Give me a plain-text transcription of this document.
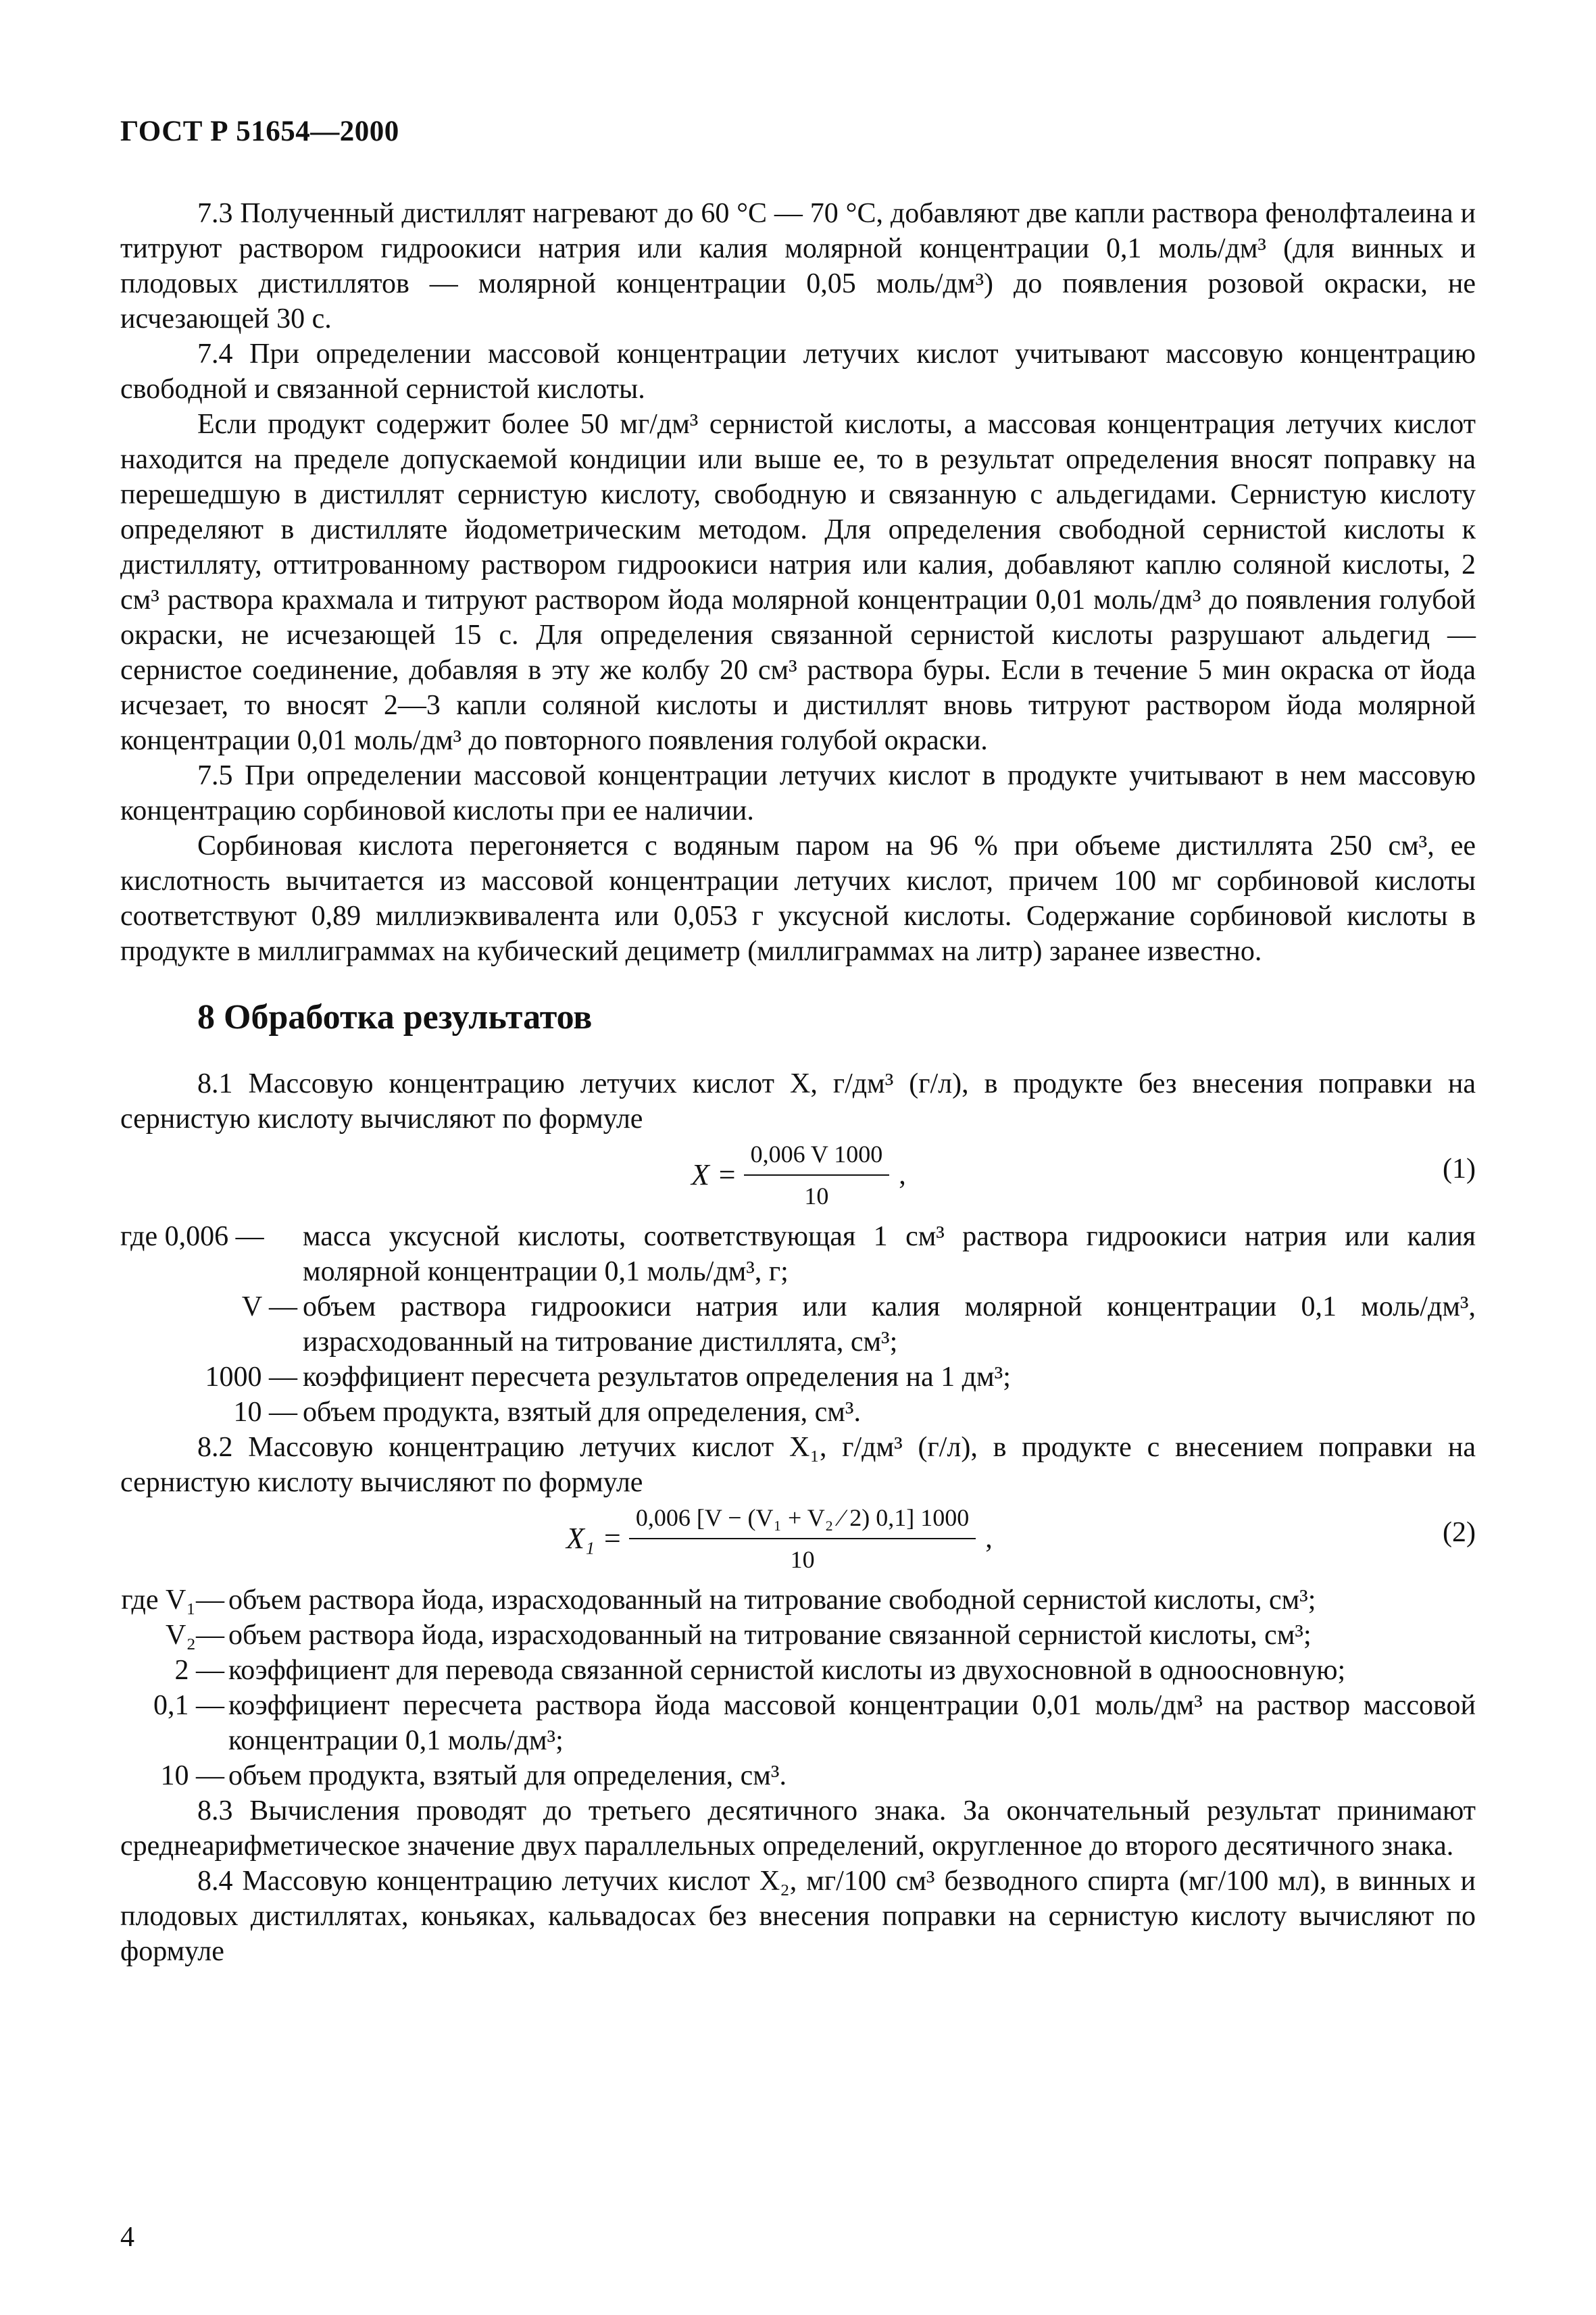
ГОСТ Р 51654—2000

7.3 Полученный дистиллят нагревают до 60 °С — 70 °С, добавляют две капли раствора фенолфталеина и титруют раствором гидроокиси натрия или калия молярной концентрации 0,1 моль/дм³ (для винных и плодовых дистиллятов — молярной концентрации 0,05 моль/дм³) до появления розовой окраски, не исчезающей 30 с.

7.4 При определении массовой концентрации летучих кислот учитывают массовую концентрацию свободной и связанной сернистой кислоты.

Если продукт содержит более 50 мг/дм³ сернистой кислоты, а массовая концентрация летучих кислот находится на пределе допускаемой кондиции или выше ее, то в результат определения вносят поправку на перешедшую в дистиллят сернистую кислоту, свободную и связанную с альдегидами. Сернистую кислоту определяют в дистилляте йодометрическим методом. Для определения свободной сернистой кислоты к дистилляту, оттитрованному раствором гидроокиси натрия или калия, добавляют каплю соляной кислоты, 2 см³ раствора крахмала и титруют раствором йода молярной концентрации 0,01 моль/дм³ до появления голубой окраски, не исчезающей 15 с. Для определения связанной сернистой кислоты разрушают альдегид — сернистое соединение, добавляя в эту же колбу 20 см³ раствора буры. Если в течение 5 мин окраска от йода исчезает, то вносят 2—3 капли соляной кислоты и дистиллят вновь титруют раствором йода молярной концентрации 0,01 моль/дм³ до повторного появления голубой окраски.

7.5 При определении массовой концентрации летучих кислот в продукте учитывают в нем массовую концентрацию сорбиновой кислоты при ее наличии.

Сорбиновая кислота перегоняется с водяным паром на 96 % при объеме дистиллята 250 см³, ее кислотность вычитается из массовой концентрации летучих кислот, причем 100 мг сорбиновой кислоты соответствуют 0,89 миллиэквивалента или 0,053 г уксусной кислоты. Содержание сорбиновой кислоты в продукте в миллиграммах на кубический дециметр (миллиграммах на литр) заранее известно.

8 Обработка результатов

8.1 Массовую концентрацию летучих кислот X, г/дм³ (г/л), в продукте без внесения поправки на сернистую кислоту вычисляют по формуле

$X = \frac{0,006 V 1000}{10}$ ,	(1)
где 0,006 —	масса уксусной кислоты, соответствующая 1 см³ раствора гидроокиси натрия или калия молярной концентрации 0,1 моль/дм³, г;
V — объем раствора гидроокиси натрия или калия молярной концентрации 0,1 моль/дм³, израсходованный на титрование дистиллята, см³;
1000 — коэффициент пересчета результатов определения на 1 дм³;
10 — объем продукта, взятый для определения, см³.

8.2 Массовую концентрацию летучих кислот X₁, г/дм³ (г/л), в продукте с внесением поправки на сернистую кислоту вычисляют по формуле

$X_1 = \frac{\text{0,006 [V − (V₁ + V₂ ⁄ 2) 0,1] 1000}}{10}$ ,	(2)
где V₁— объем раствора йода, израсходованный на титрование свободной сернистой кислоты, см³;
V₂— объем раствора йода, израсходованный на титрование связанной сернистой кислоты, см³;
2 — коэффициент для перевода связанной сернистой кислоты из двухосновной в одноосновную;
0,1 — коэффициент пересчета раствора йода массовой концентрации 0,01 моль/дм³ на раствор массовой концентрации 0,1 моль/дм³;
10 — объем продукта, взятый для определения, см³.

8.3 Вычисления проводят до третьего десятичного знака. За окончательный результат принимают среднеарифметическое значение двух параллельных определений, округленное до второго десятичного знака.

8.4 Массовую концентрацию летучих кислот X₂, мг/100 см³ безводного спирта (мг/100 мл), в винных и плодовых дистиллятах, коньяках, кальвадосах без внесения поправки на сернистую кислоту вычисляют по формуле

4
